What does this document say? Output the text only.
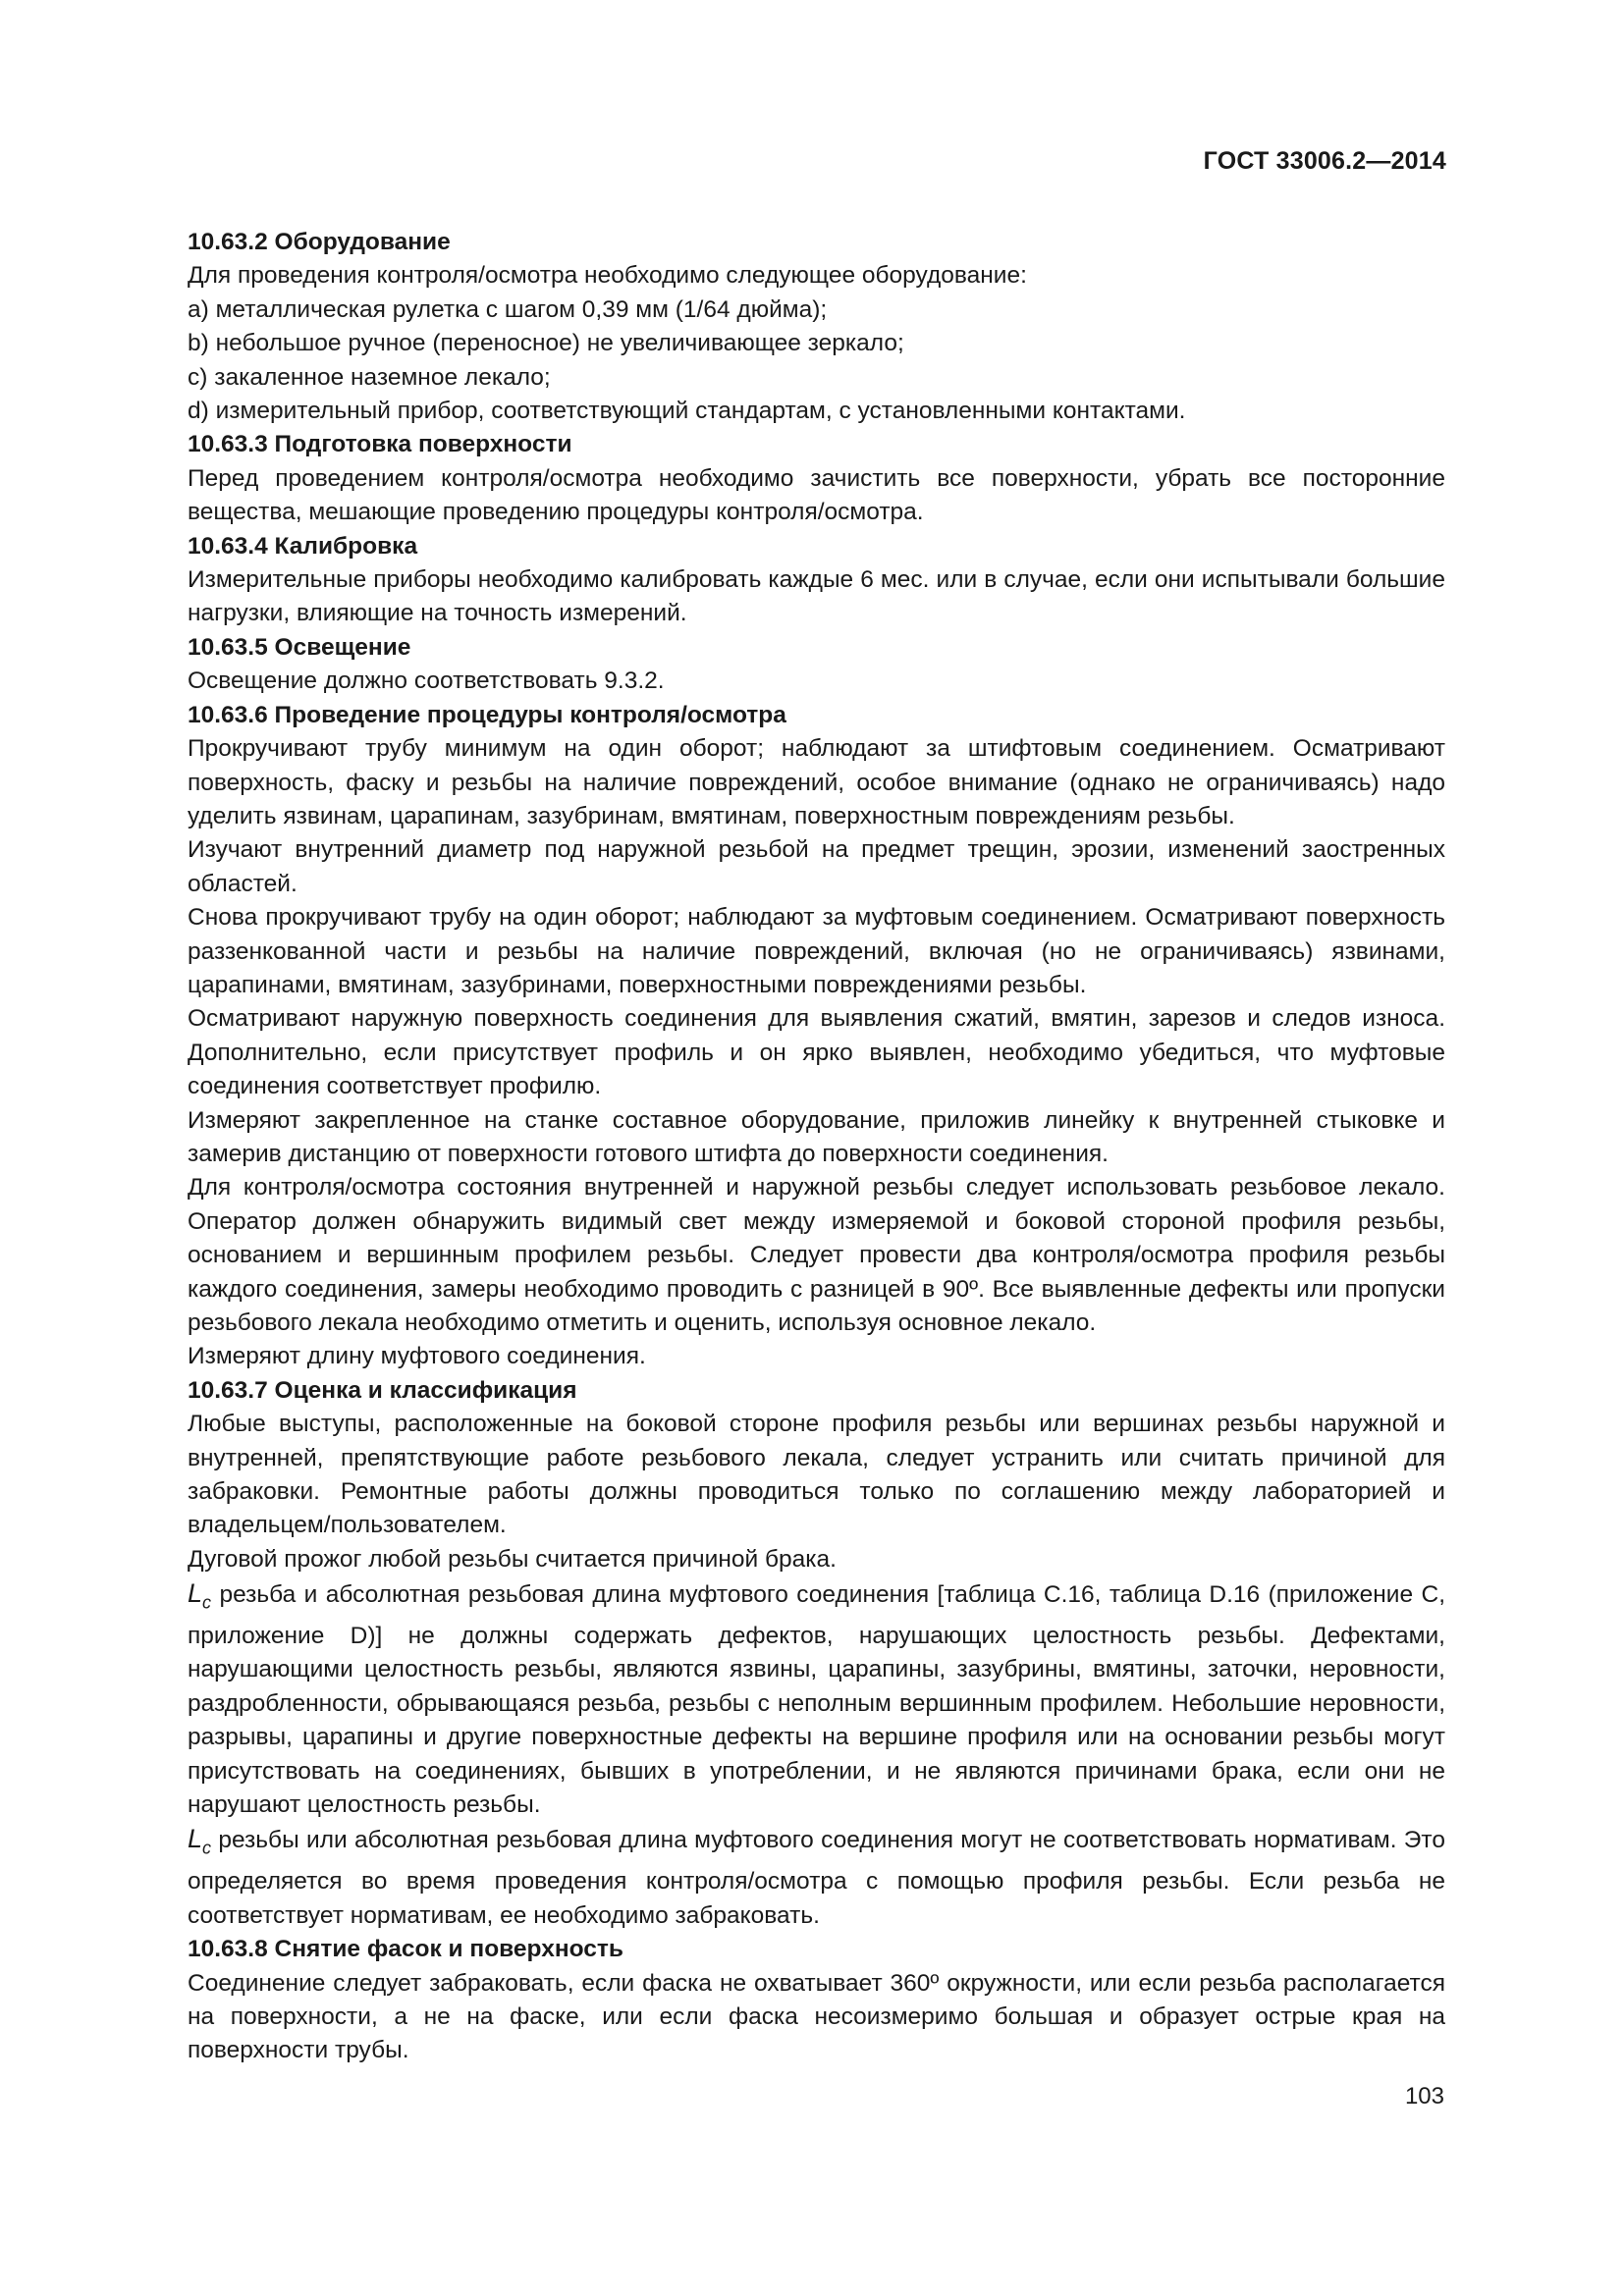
ГОСТ 33006.2—2014

10.63.2 Оборудование

Для проведения контроля/осмотра необходимо следующее оборудование:

a) металлическая рулетка с шагом 0,39 мм (1/64 дюйма);

b) небольшое ручное (переносное) не увеличивающее зеркало;

c) закаленное наземное лекало;

d) измерительный прибор, соответствующий стандартам, с установленными контактами.

10.63.3 Подготовка поверхности

Перед проведением контроля/осмотра необходимо зачистить все поверхности, убрать все посторонние вещества, мешающие проведению процедуры контроля/осмотра.

10.63.4 Калибровка

Измерительные приборы необходимо калибровать каждые 6 мес. или в случае, если они испытывали большие нагрузки, влияющие на точность измерений.

10.63.5 Освещение

Освещение должно соответствовать 9.3.2.

10.63.6 Проведение процедуры контроля/осмотра

Прокручивают трубу минимум на один оборот; наблюдают за штифтовым соединением. Осматривают поверхность, фаску и резьбы на наличие повреждений, особое внимание (однако не ограничиваясь) надо уделить язвинам, царапинам, зазубринам, вмятинам, поверхностным повреждениям резьбы.

Изучают внутренний диаметр под наружной резьбой на предмет трещин, эрозии, изменений заостренных областей.

Снова прокручивают трубу на один оборот; наблюдают за муфтовым соединением. Осматривают поверхность раззенкованной части и резьбы на наличие повреждений, включая (но не ограничиваясь) язвинами, царапинами, вмятинам, зазубринами, поверхностными повреждениями резьбы.

Осматривают наружную поверхность соединения для выявления сжатий, вмятин, зарезов и следов износа. Дополнительно, если присутствует профиль и он ярко выявлен, необходимо убедиться, что муфтовые соединения соответствует профилю.

Измеряют закрепленное на станке составное оборудование, приложив линейку к внутренней стыковке и замерив дистанцию от поверхности готового штифта до поверхности соединения.

Для контроля/осмотра состояния внутренней и наружной резьбы следует использовать резьбовое лекало. Оператор должен обнаружить видимый свет между измеряемой и боковой стороной профиля резьбы, основанием и вершинным профилем резьбы. Следует провести два контроля/осмотра профиля резьбы каждого соединения, замеры необходимо проводить с разницей в 90º. Все выявленные дефекты или пропуски резьбового лекала необходимо отметить и оценить, используя основное лекало.

Измеряют длину муфтового соединения.

10.63.7 Оценка и классификация

Любые выступы, расположенные на боковой стороне профиля резьбы или вершинах резьбы наружной и внутренней, препятствующие работе резьбового лекала, следует устранить или считать причиной для забраковки. Ремонтные работы должны проводиться только по соглашению между лабораторией и владельцем/пользователем.

Дуговой прожог любой резьбы считается причиной брака.

$L_c$ резьба и абсолютная резьбовая длина муфтового соединения [таблица C.16, таблица D.16 (приложение С, приложение D)] не должны содержать дефектов, нарушающих целостность резьбы. Дефектами, нарушающими целостность резьбы, являются язвины, царапины, зазубрины, вмятины, заточки, неровности, раздробленности, обрывающаяся резьба, резьбы с неполным вершинным профилем. Небольшие неровности, разрывы, царапины и другие поверхностные дефекты на вершине профиля или на основании резьбы могут присутствовать на соединениях, бывших в употреблении, и не являются причинами брака, если они не нарушают целостность резьбы.

$L_c$ резьбы или абсолютная резьбовая длина муфтового соединения могут не соответствовать нормативам. Это определяется во время проведения контроля/осмотра с помощью профиля резьбы. Если резьба не соответствует нормативам, ее необходимо забраковать.

10.63.8 Снятие фасок и поверхность

Соединение следует забраковать, если фаска не охватывает 360º окружности, или если резьба располагается на поверхности, а не на фаске, или если фаска несоизмеримо большая и образует острые края на поверхности трубы.

103
